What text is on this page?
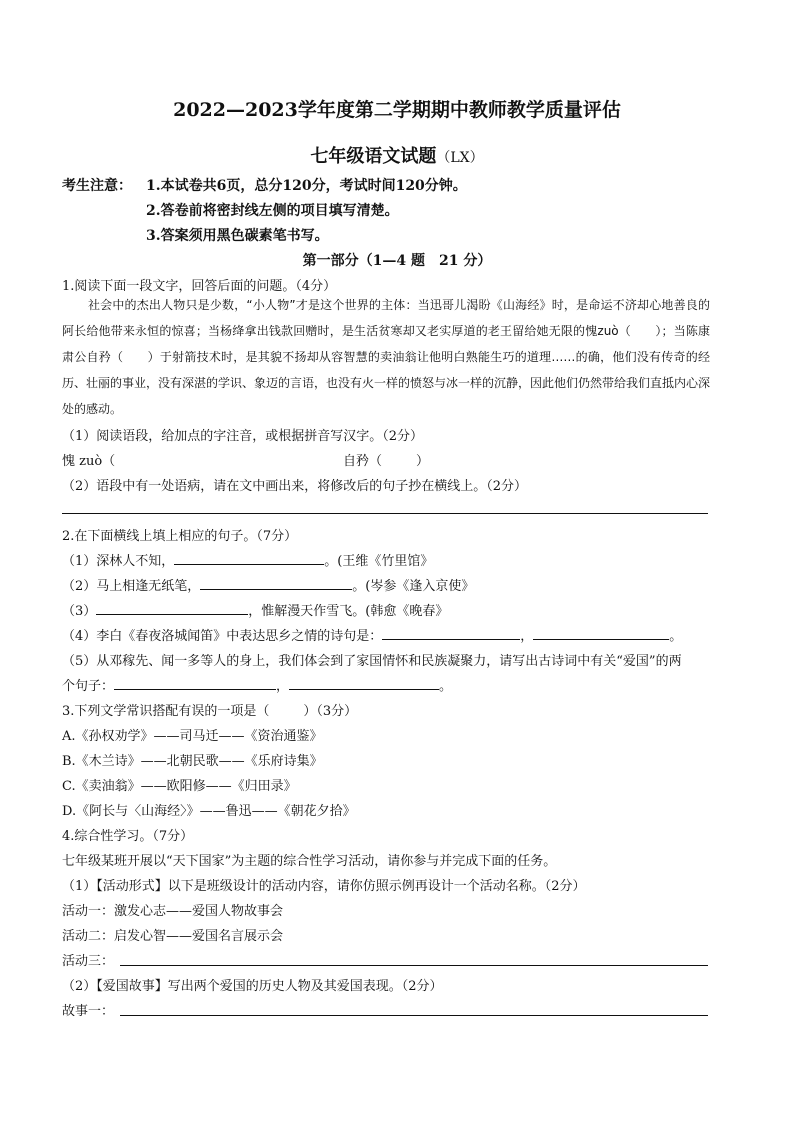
2022—2023学年度第二学期期中教师教学质量评估
七年级语文试题（LX）
考生注意： 1.本试卷共6页，总分120分，考试时间120分钟。
2.答卷前将密封线左侧的项目填写清楚。
3.答案须用黑色碳素笔书写。
第一部分（1—4 题　21 分）
1.阅读下面一段文字，回答后面的问题。（4分）
社会中的杰出人物只是少数，“小人物”才是这个世界的主体：当迅哥儿渴盼《山海经》时，是命运不济却心地善良的阿长给他带来永恒的惊喜；当杨绛拿出钱款回赠时，是生活贫寒却又老实厚道的老王留给她无限的愧zuò（　　）；当陈康肃公自矜（　　）于射箭技术时，是其貌不扬却从容智慧的卖油翁让他明白熟能生巧的道理……的确，他们没有传奇的经历、壮丽的事业，没有深湛的学识、象迈的言语，也没有火一样的愤怒与冰一样的沉静，因此他们仍然带给我们直抵内心深处的感动。
（1）阅读语段，给加点的字注音，或根据拼音写汉字。（2分）
愧 zuò（	自矜（	）
（2）语段中有一处语病，请在文中画出来，将修改后的句子抄在横线上。（2分）
2.在下面横线上填上相应的句子。（7分）
（1）深林人不知，	。(王维《竹里馆》
（2）马上相逢无纸笔，	。(岑参《逢入京使》
（3）	，惟解漫天作雪飞。(韩愈《晚春》
（4）李白《春夜洛城闻笛》中表达思乡之情的诗句是：	，	。
（5）从邓稼先、闻一多等人的身上，我们体会到了家国情怀和民族凝聚力，请写出古诗词中有关“爱国”的两
个句子：	，	。
3.下列文学常识搭配有误的一项是（	）（3分）
A.《孙权劝学》——司马迁——《资治通鉴》
B.《木兰诗》——北朝民歌——《乐府诗集》
C.《卖油翁》——欧阳修——《归田录》
D.《阿长与〈山海经〉》——鲁迅——《朝花夕拾》
4.综合性学习。（7分）
七年级某班开展以“天下国家”为主题的综合性学习活动，请你参与并完成下面的任务。
（1）【活动形式】以下是班级设计的活动内容，请你仿照示例再设计一个活动名称。（2分）
活动一：激发心志——爱国人物故事会
活动二：启发心智——爱国名言展示会
活动三：
（2）【爱国故事】写出两个爱国的历史人物及其爱国表现。（2分）
故事一：
